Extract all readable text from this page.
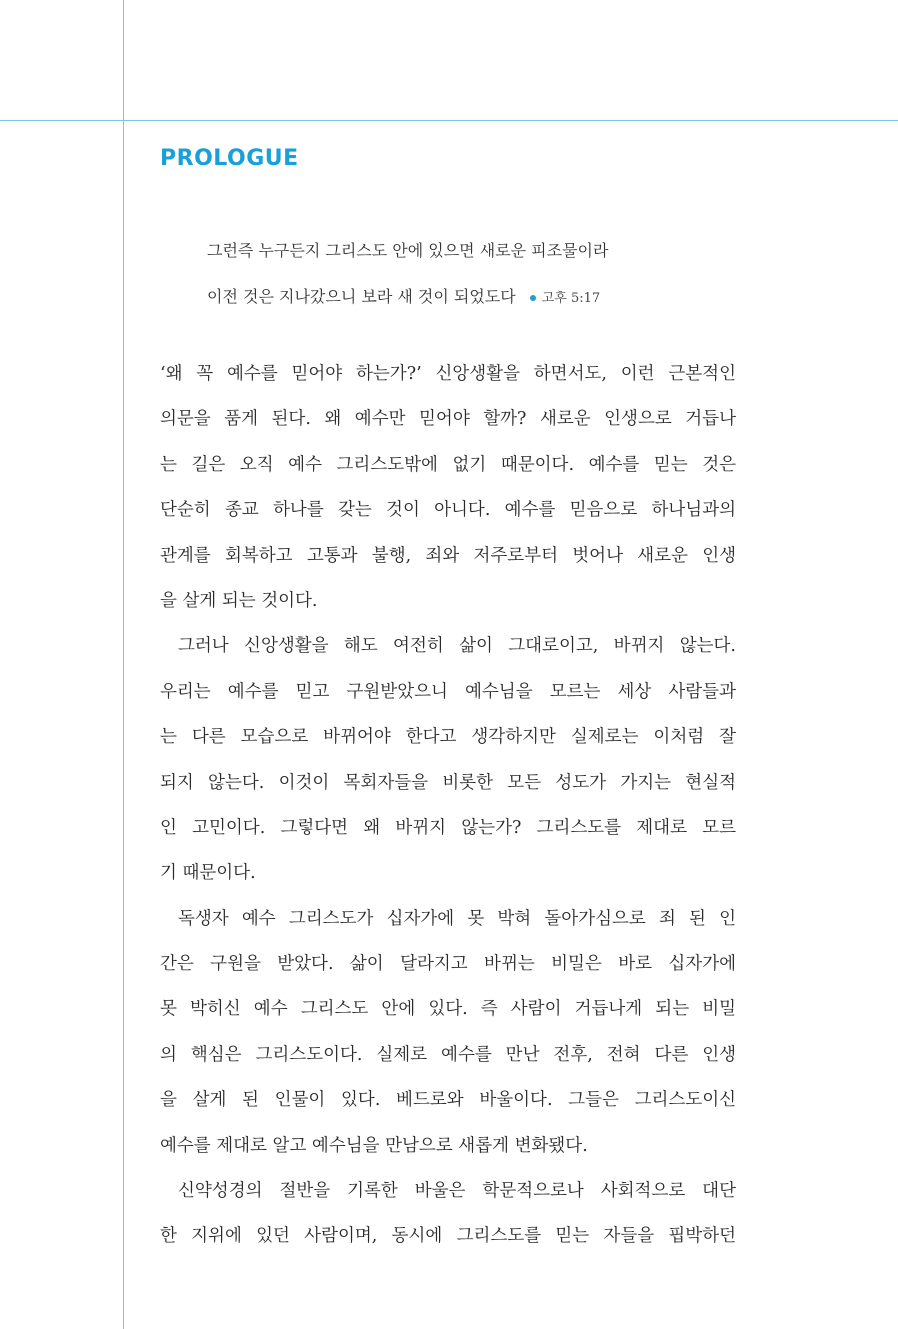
PROLOGUE
그런즉 누구든지 그리스도 안에 있으면 새로운 피조물이라
이전 것은 지나갔으니 보라 새 것이 되었도다 고후 5:17
‘왜 꼭 예수를 믿어야 하는가?’ 신앙생활을 하면서도, 이런 근본적인
의문을 품게 된다. 왜 예수만 믿어야 할까? 새로운 인생으로 거듭나
는 길은 오직 예수 그리스도밖에 없기 때문이다. 예수를 믿는 것은
단순히 종교 하나를 갖는 것이 아니다. 예수를 믿음으로 하나님과의
관계를 회복하고 고통과 불행, 죄와 저주로부터 벗어나 새로운 인생
을 살게 되는 것이다.
그러나 신앙생활을 해도 여전히 삶이 그대로이고, 바뀌지 않는다.
우리는 예수를 믿고 구원받았으니 예수님을 모르는 세상 사람들과
는 다른 모습으로 바뀌어야 한다고 생각하지만 실제로는 이처럼 잘
되지 않는다. 이것이 목회자들을 비롯한 모든 성도가 가지는 현실적
인 고민이다. 그렇다면 왜 바뀌지 않는가? 그리스도를 제대로 모르
기 때문이다.
독생자 예수 그리스도가 십자가에 못 박혀 돌아가심으로 죄 된 인
간은 구원을 받았다. 삶이 달라지고 바뀌는 비밀은 바로 십자가에
못 박히신 예수 그리스도 안에 있다. 즉 사람이 거듭나게 되는 비밀
의 핵심은 그리스도이다. 실제로 예수를 만난 전후, 전혀 다른 인생
을 살게 된 인물이 있다. 베드로와 바울이다. 그들은 그리스도이신
예수를 제대로 알고 예수님을 만남으로 새롭게 변화됐다.
신약성경의 절반을 기록한 바울은 학문적으로나 사회적으로 대단
한 지위에 있던 사람이며, 동시에 그리스도를 믿는 자들을 핍박하던
